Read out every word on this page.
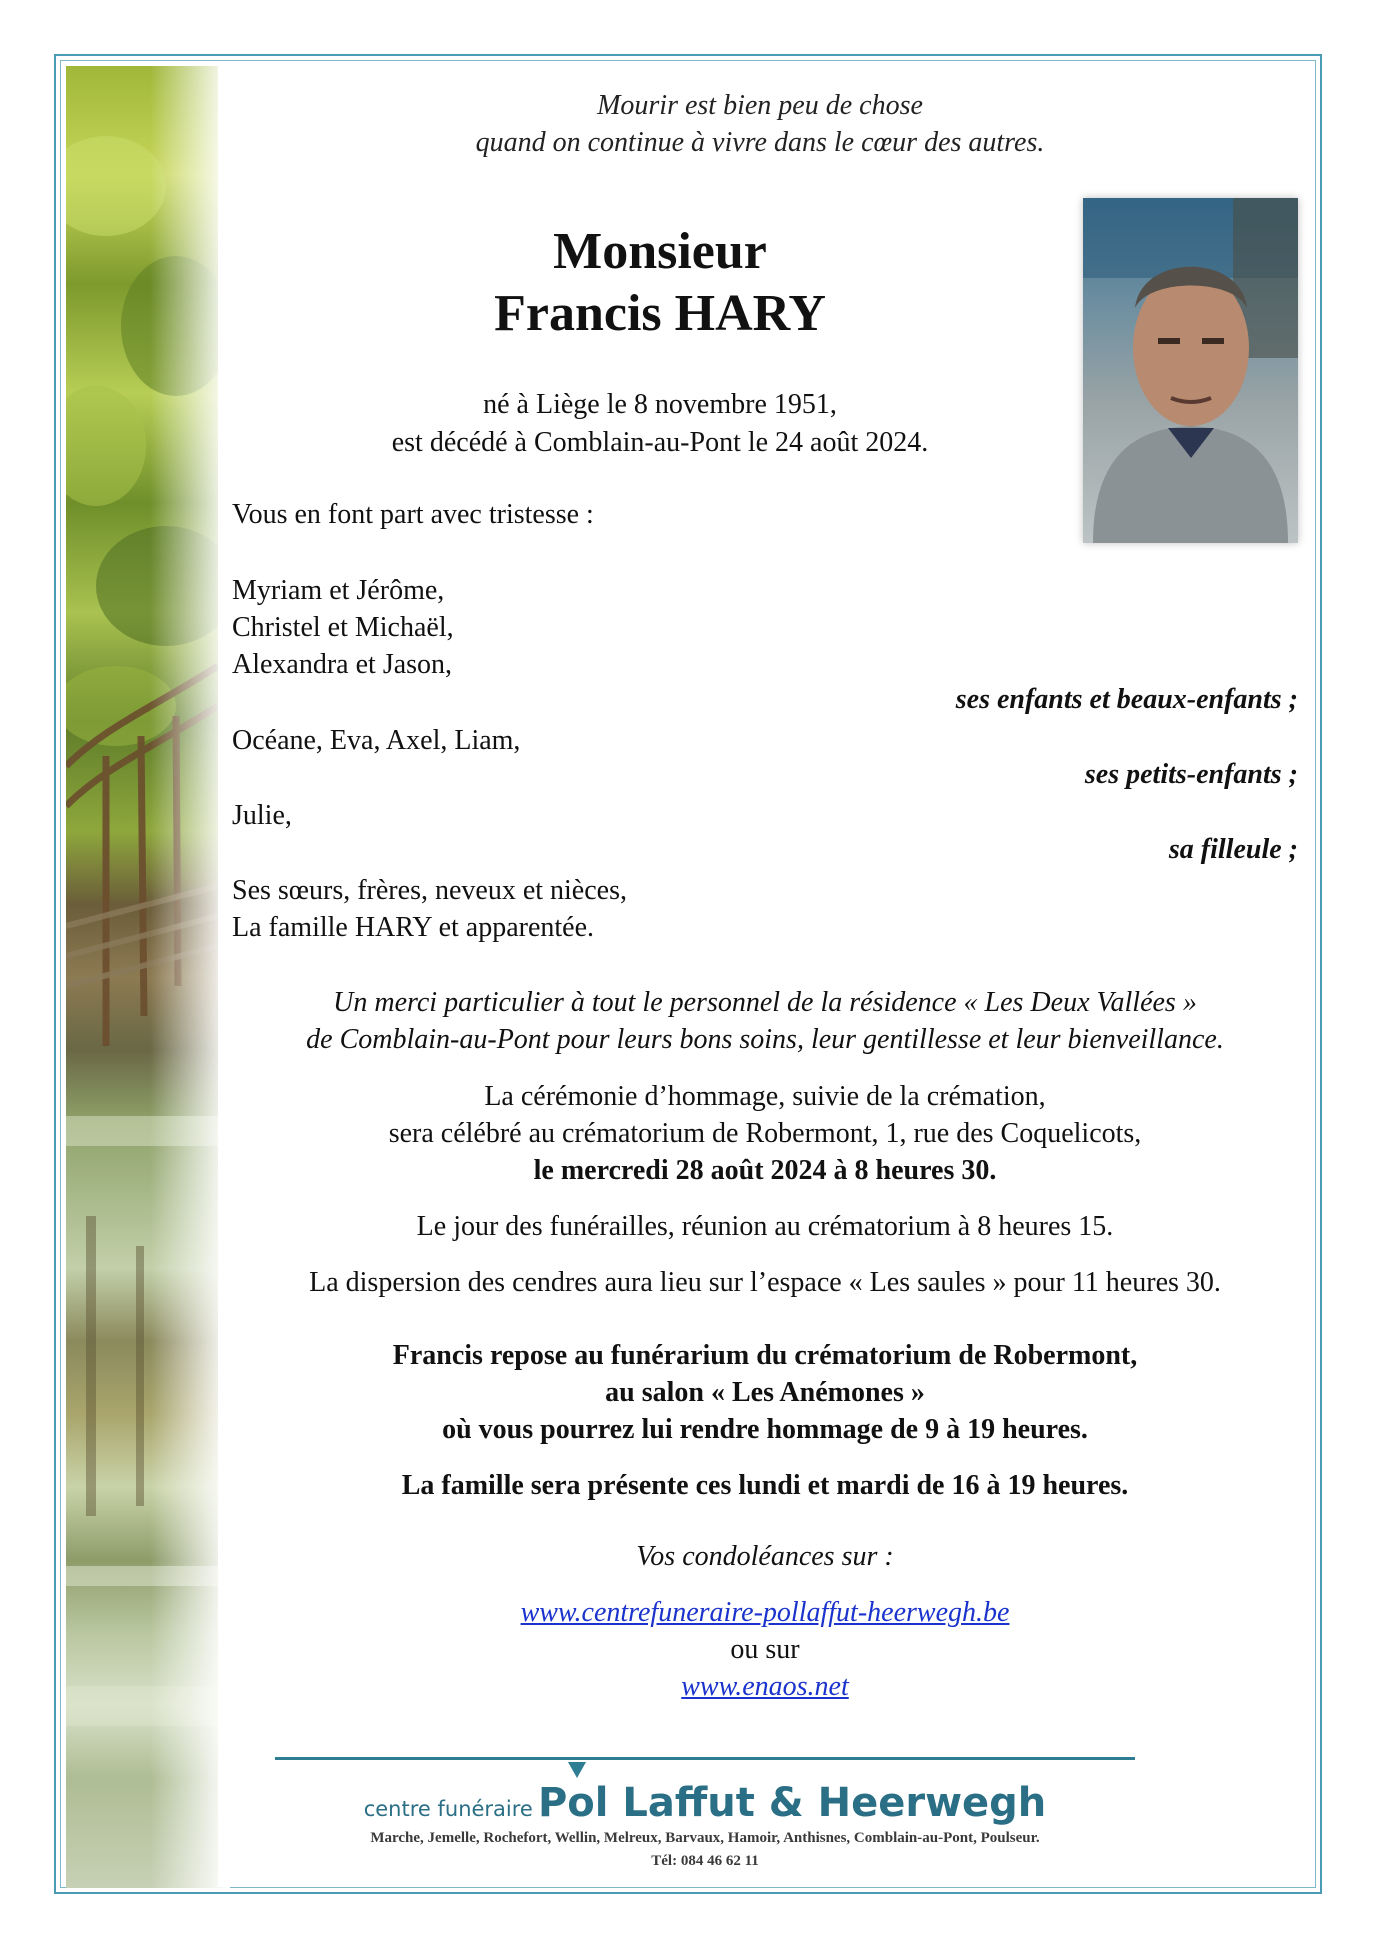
Mourir est bien peu de chose
quand on continue à vivre dans le cœur des autres.
Monsieur
Francis HARY
né à Liège le 8 novembre 1951,
est décédé à Comblain-au-Pont le 24 août 2024.
Vous en font part avec tristesse :
Myriam et Jérôme,
Christel et Michaël,
Alexandra et Jason,
ses enfants et beaux-enfants ;
Océane, Eva, Axel, Liam,
ses petits-enfants ;
Julie,
sa filleule ;
Ses sœurs, frères, neveux et nièces,
La famille HARY et apparentée.
Un merci particulier à tout le personnel de la résidence « Les Deux Vallées »
de Comblain-au-Pont pour leurs bons soins, leur gentillesse et leur bienveillance.
La cérémonie d’hommage, suivie de la crémation,
sera célébré au crématorium de Robermont, 1, rue des Coquelicots,
le mercredi 28 août 2024 à 8 heures 30.
Le jour des funérailles, réunion au crématorium à 8 heures 15.
La dispersion des cendres aura lieu sur l’espace « Les saules » pour 11 heures 30.
Francis repose au funérarium du crématorium de Robermont,
au salon « Les Anémones »
où vous pourrez lui rendre hommage de 9 à 19 heures.
La famille sera présente ces lundi et mardi de 16 à 19 heures.
Vos condoléances sur :
www.centrefuneraire-pollaffut-heerwegh.be
ou sur
www.enaos.net
centre funéraire Pol Laffut & Heerwegh
Marche, Jemelle, Rochefort, Wellin, Melreux, Barvaux, Hamoir, Anthisnes, Comblain-au-Pont, Poulseur.
Tél: 084 46 62 11
